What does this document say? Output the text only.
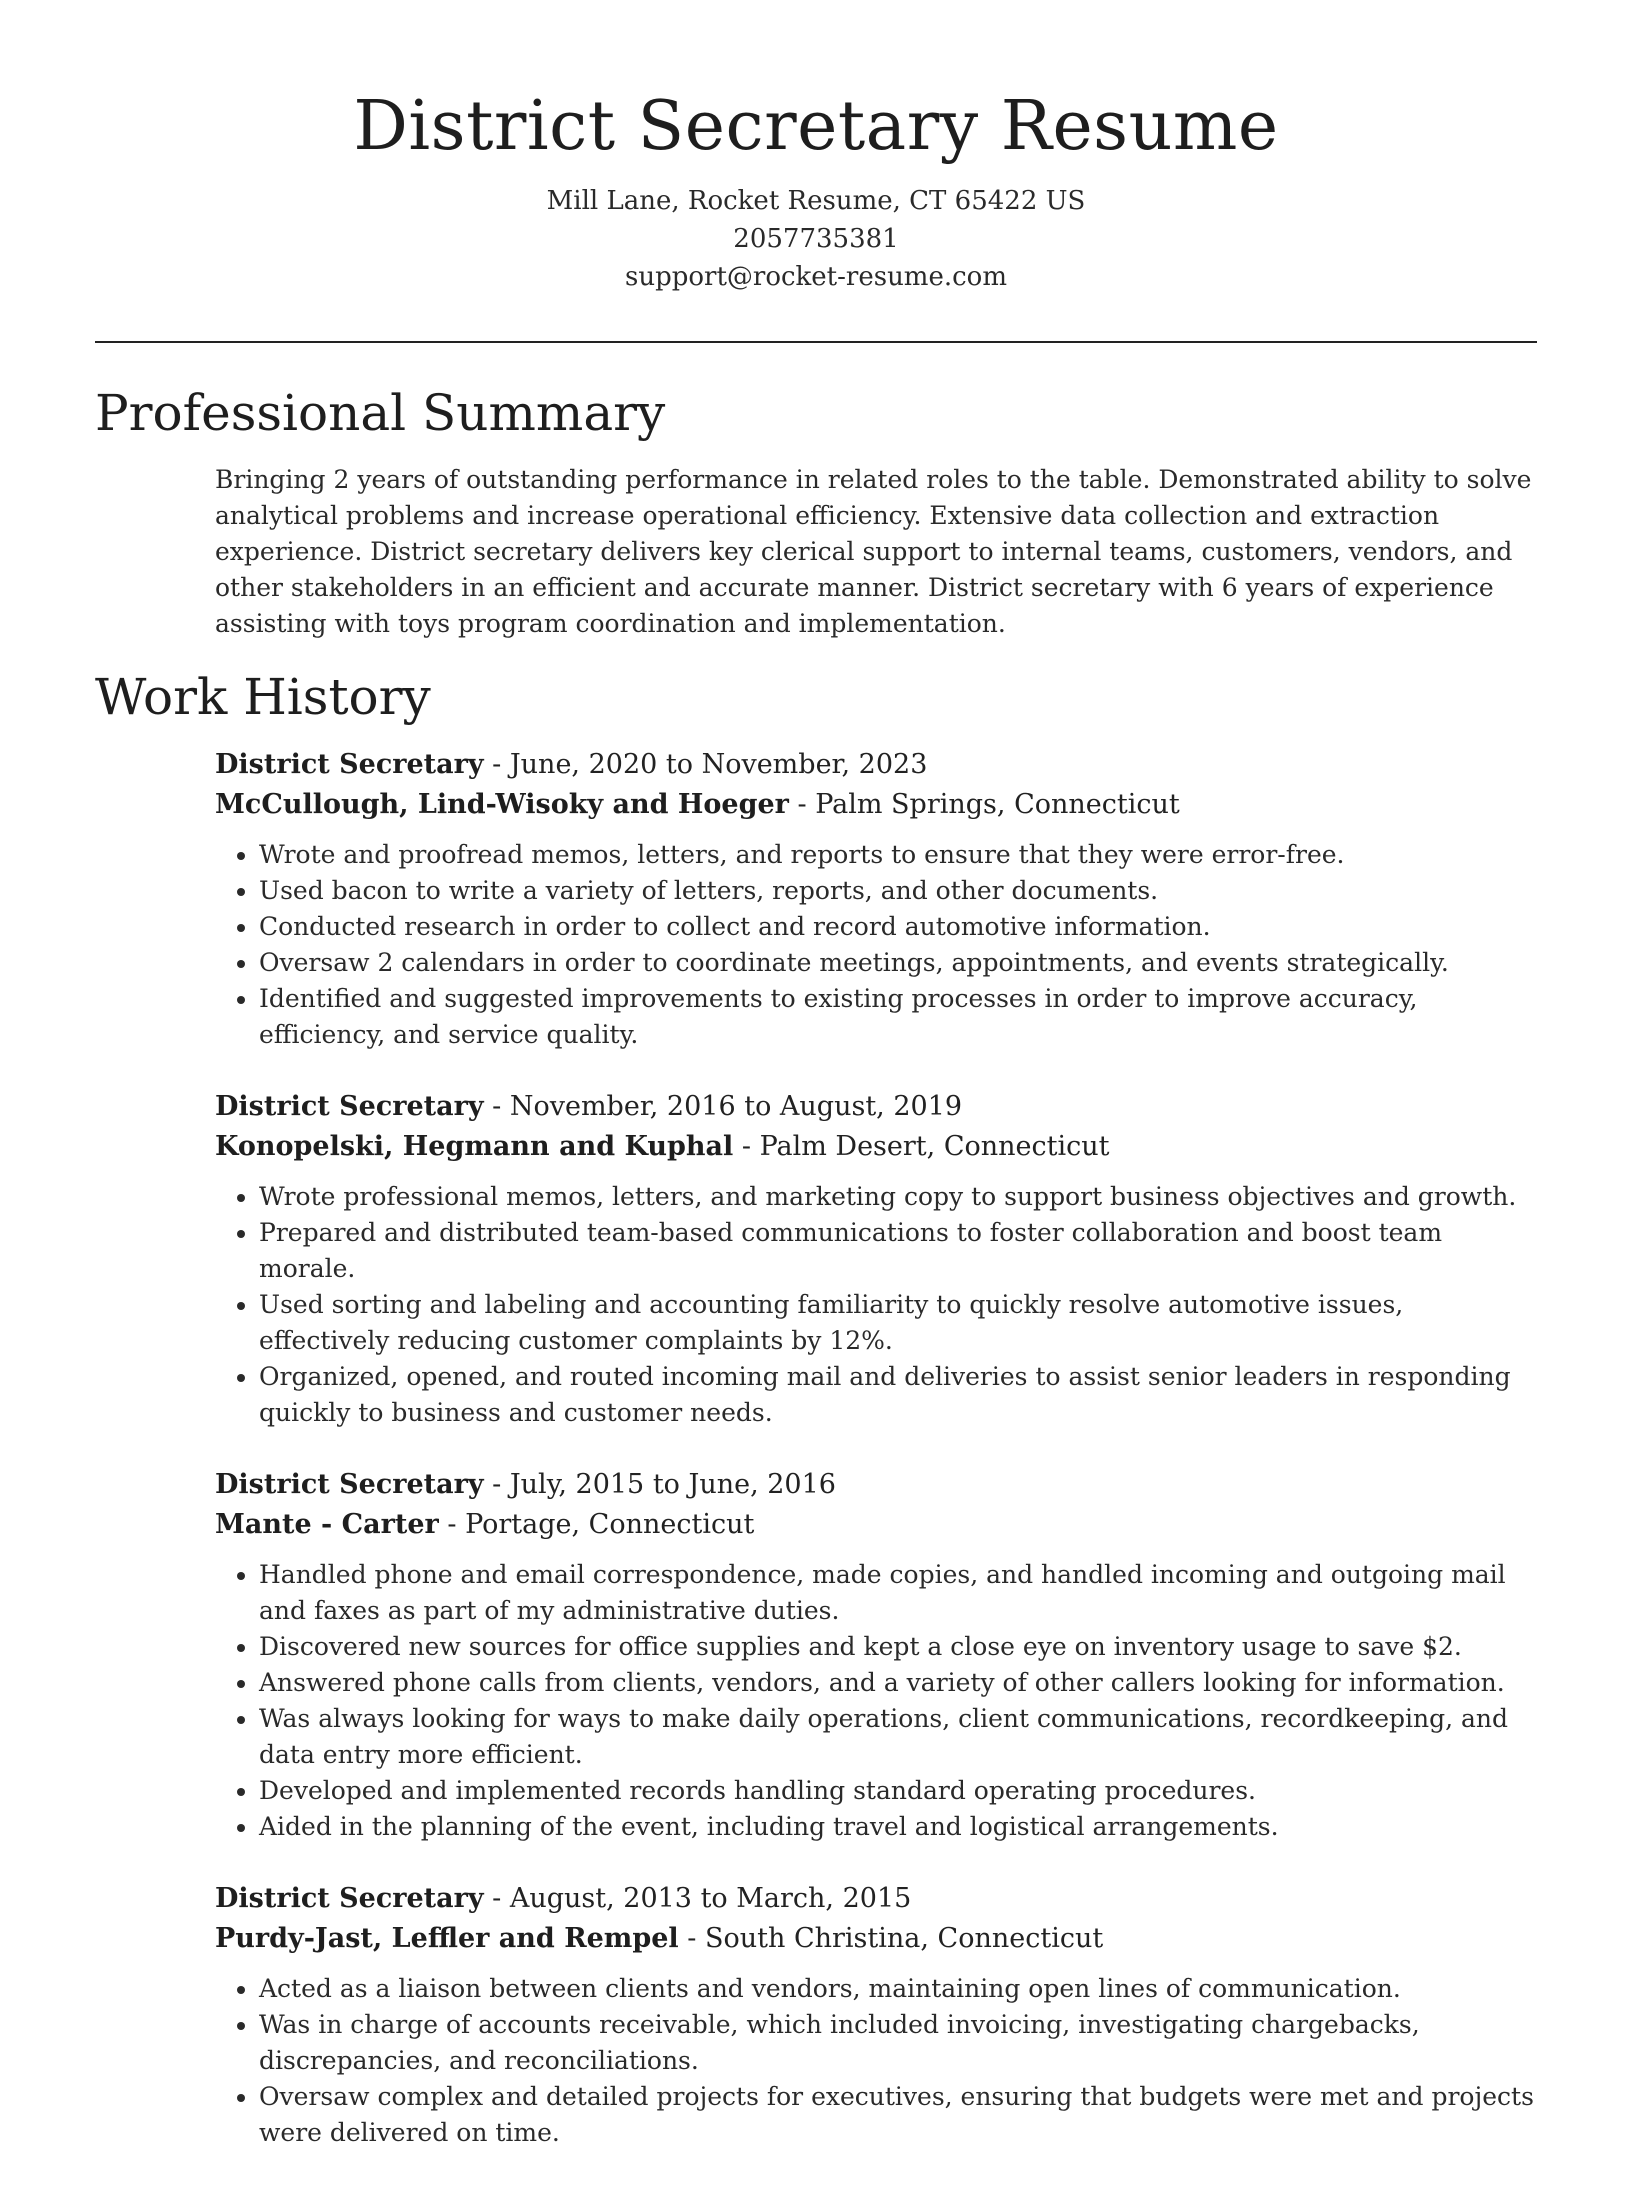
District Secretary Resume
Mill Lane, Rocket Resume, CT 65422 US
2057735381
support@rocket-resume.com
Professional Summary
Bringing 2 years of outstanding performance in related roles to the table. Demonstrated ability to solve analytical problems and increase operational efficiency. Extensive data collection and extraction experience. District secretary delivers key clerical support to internal teams, customers, vendors, and other stakeholders in an efficient and accurate manner. District secretary with 6 years of experience assisting with toys program coordination and implementation.
Work History
District Secretary - June, 2020 to November, 2023
McCullough, Lind-Wisoky and Hoeger - Palm Springs, Connecticut
• Wrote and proofread memos, letters, and reports to ensure that they were error-free.
• Used bacon to write a variety of letters, reports, and other documents.
• Conducted research in order to collect and record automotive information.
• Oversaw 2 calendars in order to coordinate meetings, appointments, and events strategically.
• Identified and suggested improvements to existing processes in order to improve accuracy, efficiency, and service quality.
District Secretary - November, 2016 to August, 2019
Konopelski, Hegmann and Kuphal - Palm Desert, Connecticut
• Wrote professional memos, letters, and marketing copy to support business objectives and growth.
• Prepared and distributed team-based communications to foster collaboration and boost team morale.
• Used sorting and labeling and accounting familiarity to quickly resolve automotive issues, effectively reducing customer complaints by 12%.
• Organized, opened, and routed incoming mail and deliveries to assist senior leaders in responding quickly to business and customer needs.
District Secretary - July, 2015 to June, 2016
Mante - Carter - Portage, Connecticut
• Handled phone and email correspondence, made copies, and handled incoming and outgoing mail and faxes as part of my administrative duties.
• Discovered new sources for office supplies and kept a close eye on inventory usage to save $2.
• Answered phone calls from clients, vendors, and a variety of other callers looking for information.
• Was always looking for ways to make daily operations, client communications, recordkeeping, and data entry more efficient.
• Developed and implemented records handling standard operating procedures.
• Aided in the planning of the event, including travel and logistical arrangements.
District Secretary - August, 2013 to March, 2015
Purdy-Jast, Leffler and Rempel - South Christina, Connecticut
• Acted as a liaison between clients and vendors, maintaining open lines of communication.
• Was in charge of accounts receivable, which included invoicing, investigating chargebacks, discrepancies, and reconciliations.
• Oversaw complex and detailed projects for executives, ensuring that budgets were met and projects were delivered on time.
